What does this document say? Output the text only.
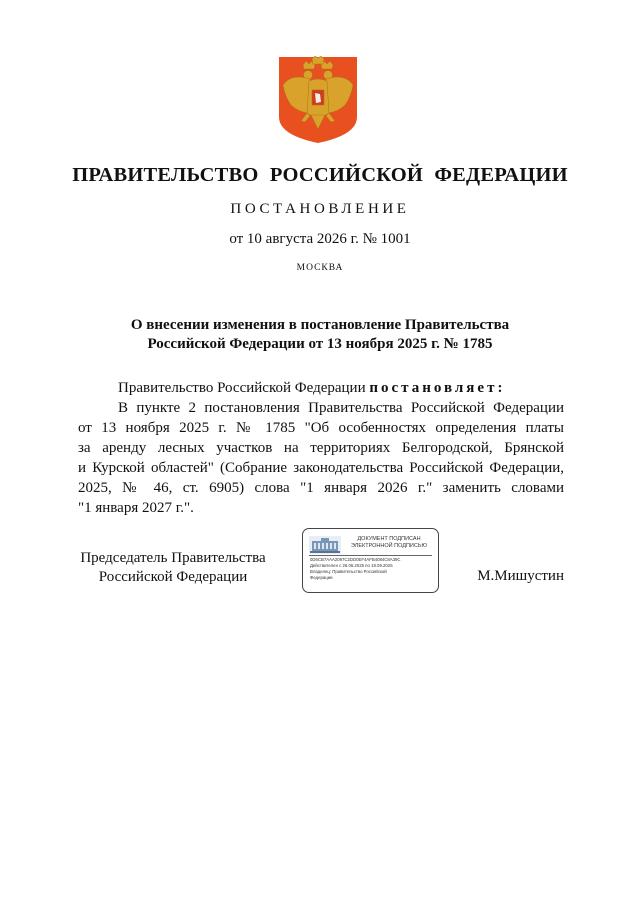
ПРАВИТЕЛЬСТВО РОССИЙСКОЙ ФЕДЕРАЦИИ
ПОСТАНОВЛЕНИЕ
от 10 августа 2026 г. № 1001
МОСКВА
О внесении изменения в постановление Правительства
Российской Федерации от 13 ноября 2025 г. № 1785
Правительство Российской Федерации постановляет:
В пункте 2 постановления Правительства Российской Федерации
от 13 ноября 2025 г. № 1785 "Об особенностях определения платы
за аренду лесных участков на территориях Белгородской, Брянской
и Курской областей" (Собрание законодательства Российской Федерации,
2025, № 46, ст. 6905) слова "1 января 2026 г." заменить словами
"1 января 2027 г.".
Председатель Правительства
Российской Федерации
ДОКУМЕНТ ПОДПИСАН
ЭЛЕКТРОННОЙ ПОДПИСЬЮ
0D6CB7AAA2097C2DD0EF4AFB4084C8A39C
Действителен с 26.06.2025 по 19.09.2026
Владелец: Правительство Российской
Федерации	М.Мишустин
